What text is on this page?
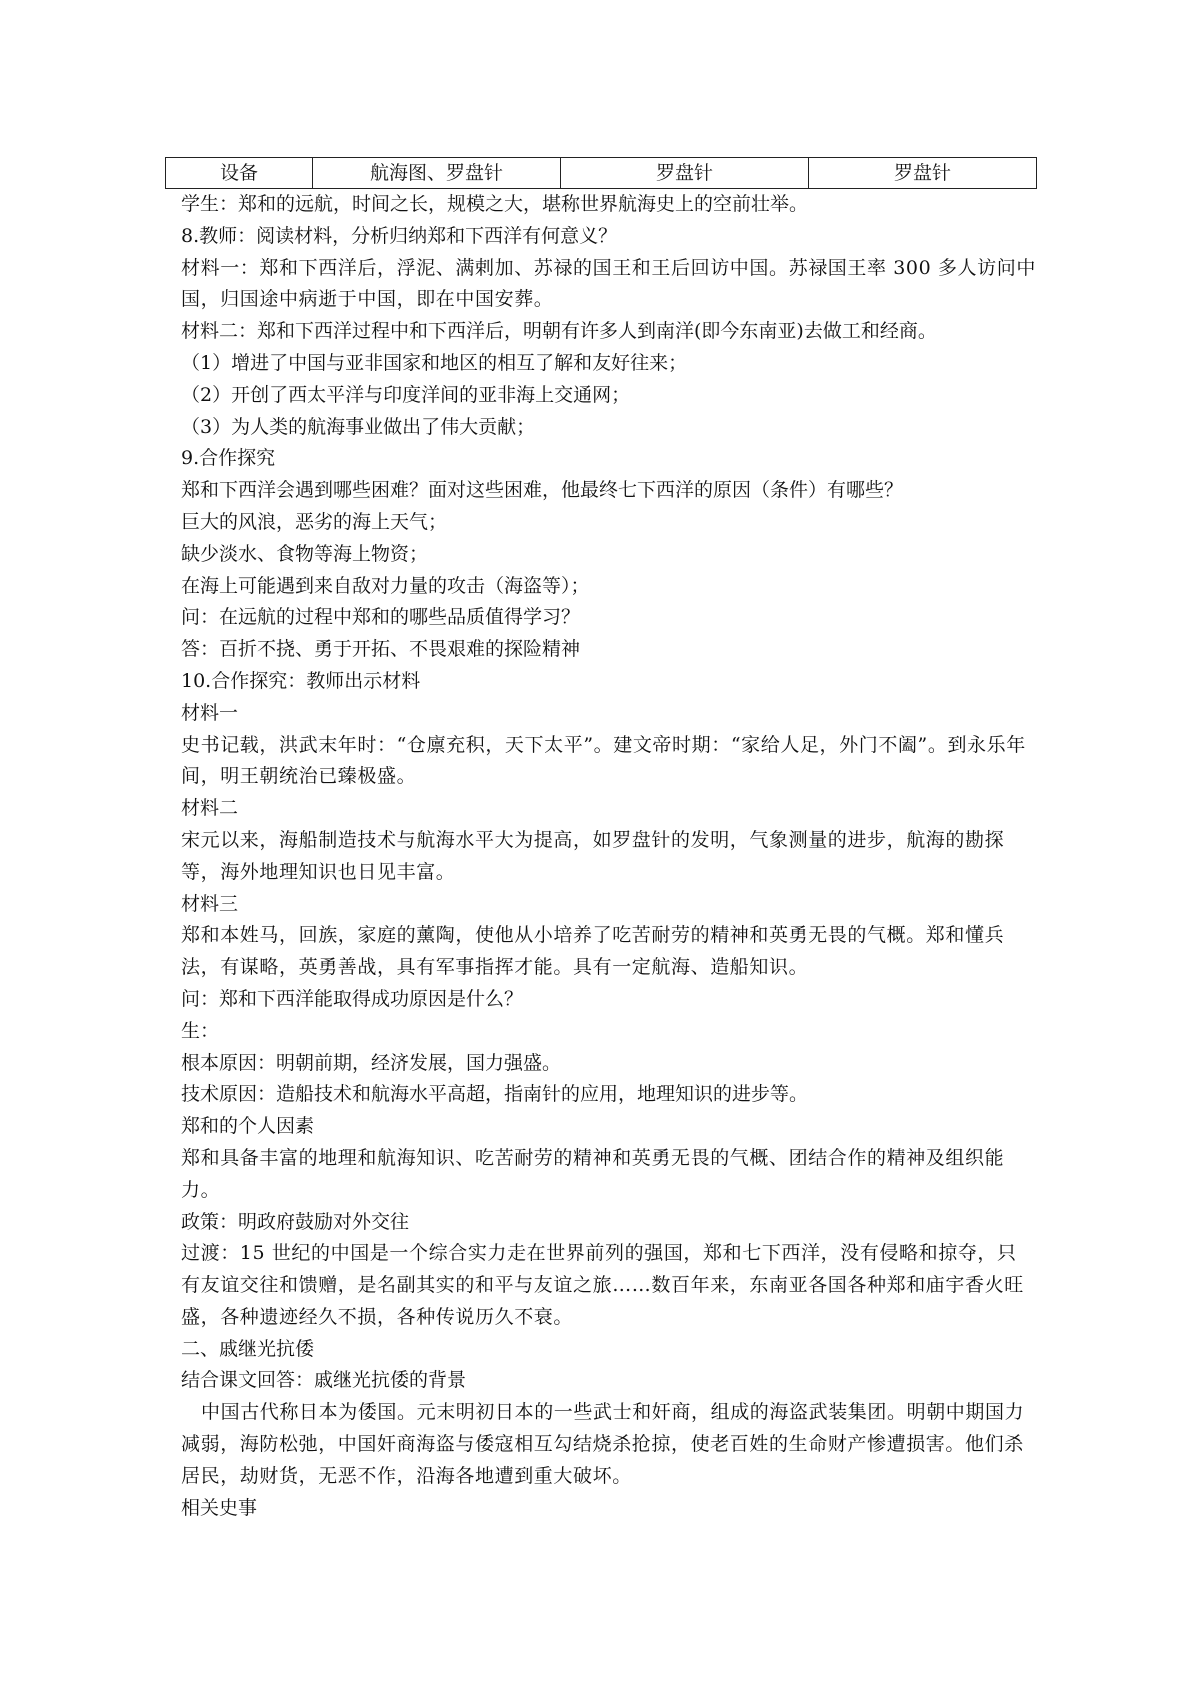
设备	航海图、罗盘针	罗盘针	罗盘针

学生：郑和的远航，时间之长，规模之大，堪称世界航海史上的空前壮举。

8.教师：阅读材料，分析归纳郑和下西洋有何意义？

材料一：郑和下西洋后，浮泥、满剌加、苏禄的国王和王后回访中国。苏禄国王率 300 多人访问中国，归国途中病逝于中国，即在中国安葬。

材料二：郑和下西洋过程中和下西洋后，明朝有许多人到南洋(即今东南亚)去做工和经商。

（1）增进了中国与亚非国家和地区的相互了解和友好往来；

（2）开创了西太平洋与印度洋间的亚非海上交通网；

（3）为人类的航海事业做出了伟大贡献；

9.合作探究

郑和下西洋会遇到哪些困难？面对这些困难，他最终七下西洋的原因（条件）有哪些？

巨大的风浪，恶劣的海上天气；

缺少淡水、食物等海上物资；

在海上可能遇到来自敌对力量的攻击（海盗等）；

问：在远航的过程中郑和的哪些品质值得学习？

答：百折不挠、勇于开拓、不畏艰难的探险精神

10.合作探究：教师出示材料

材料一

史书记载，洪武末年时：“仓廪充积，天下太平”。建文帝时期：“家给人足，外门不阖”。到永乐年间，明王朝统治已臻极盛。

材料二

宋元以来，海船制造技术与航海水平大为提高，如罗盘针的发明，气象测量的进步，航海的勘探等，海外地理知识也日见丰富。

材料三

郑和本姓马，回族，家庭的薰陶，使他从小培养了吃苦耐劳的精神和英勇无畏的气概。郑和懂兵法，有谋略，英勇善战，具有军事指挥才能。具有一定航海、造船知识。

问：郑和下西洋能取得成功原因是什么？

生：

根本原因：明朝前期，经济发展，国力强盛。

技术原因：造船技术和航海水平高超，指南针的应用，地理知识的进步等。

郑和的个人因素

郑和具备丰富的地理和航海知识、吃苦耐劳的精神和英勇无畏的气概、团结合作的精神及组织能力。

政策：明政府鼓励对外交往

过渡：15 世纪的中国是一个综合实力走在世界前列的强国，郑和七下西洋，没有侵略和掠夺，只有友谊交往和馈赠，是名副其实的和平与友谊之旅……数百年来，东南亚各国各种郑和庙宇香火旺盛，各种遗迹经久不损，各种传说历久不衰。

二、戚继光抗倭

结合课文回答：戚继光抗倭的背景

中国古代称日本为倭国。元末明初日本的一些武士和奸商，组成的海盗武装集团。明朝中期国力减弱，海防松弛，中国奸商海盗与倭寇相互勾结烧杀抢掠，使老百姓的生命财产惨遭损害。他们杀居民，劫财货，无恶不作，沿海各地遭到重大破坏。

相关史事
